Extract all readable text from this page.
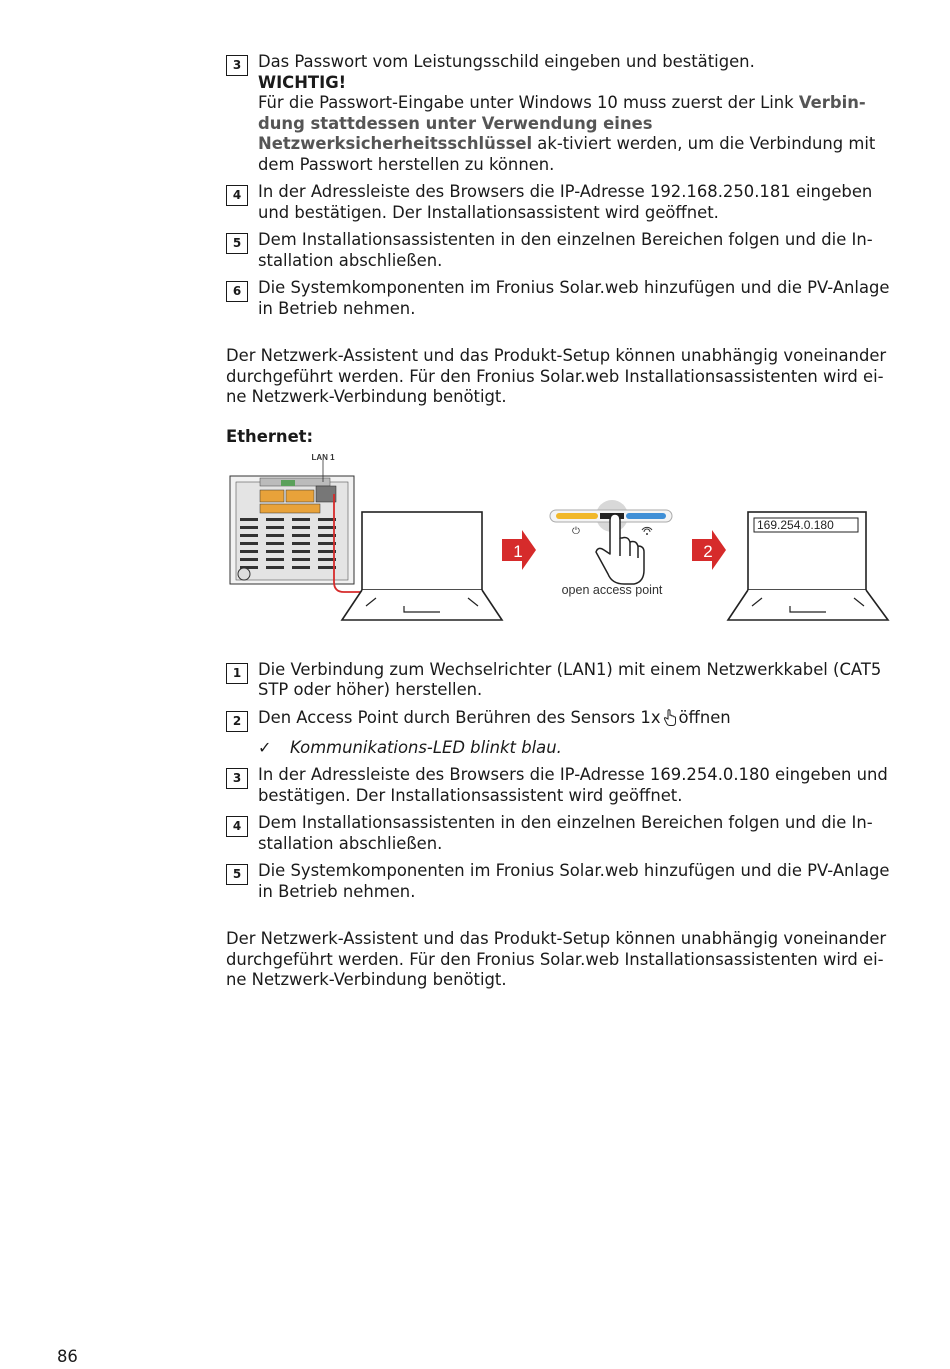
3	Das Passwort vom Leistungsschild eingeben und bestätigen.
WICHTIG!
Für die Passwort-Eingabe unter Windows 10 muss zuerst der Link Verbin-dung stattdessen unter Verwendung eines Netzwerksicherheitsschlüssel ak-tiviert werden, um die Verbindung mit dem Passwort herstellen zu können.
4	In der Adressleiste des Browsers die IP-Adresse 192.168.250.181 eingeben und bestätigen. Der Installationsassistent wird geöffnet.
5	Dem Installationsassistenten in den einzelnen Bereichen folgen und die In-stallation abschließen.
6	Die Systemkomponenten im Fronius Solar.web hinzufügen und die PV-Anlage in Betrieb nehmen.
Der Netzwerk-Assistent und das Produkt-Setup können unabhängig voneinander durchgeführt werden. Für den Fronius Solar.web Installationsassistenten wird ei-ne Netzwerk-Verbindung benötigt.
Ethernet:
LAN 1
1
⏻
open access point
2
169.254.0.180
1	Die Verbindung zum Wechselrichter (LAN1) mit einem Netzwerkkabel (CAT5 STP oder höher) herstellen.
2	Den Access Point durch Berühren des Sensors 1x öffnen
✓	Kommunikations-LED blinkt blau.
3	In der Adressleiste des Browsers die IP-Adresse 169.254.0.180 eingeben und bestätigen. Der Installationsassistent wird geöffnet.
4	Dem Installationsassistenten in den einzelnen Bereichen folgen und die In-stallation abschließen.
5	Die Systemkomponenten im Fronius Solar.web hinzufügen und die PV-Anlage in Betrieb nehmen.
Der Netzwerk-Assistent und das Produkt-Setup können unabhängig voneinander durchgeführt werden. Für den Fronius Solar.web Installationsassistenten wird ei-ne Netzwerk-Verbindung benötigt.
86
